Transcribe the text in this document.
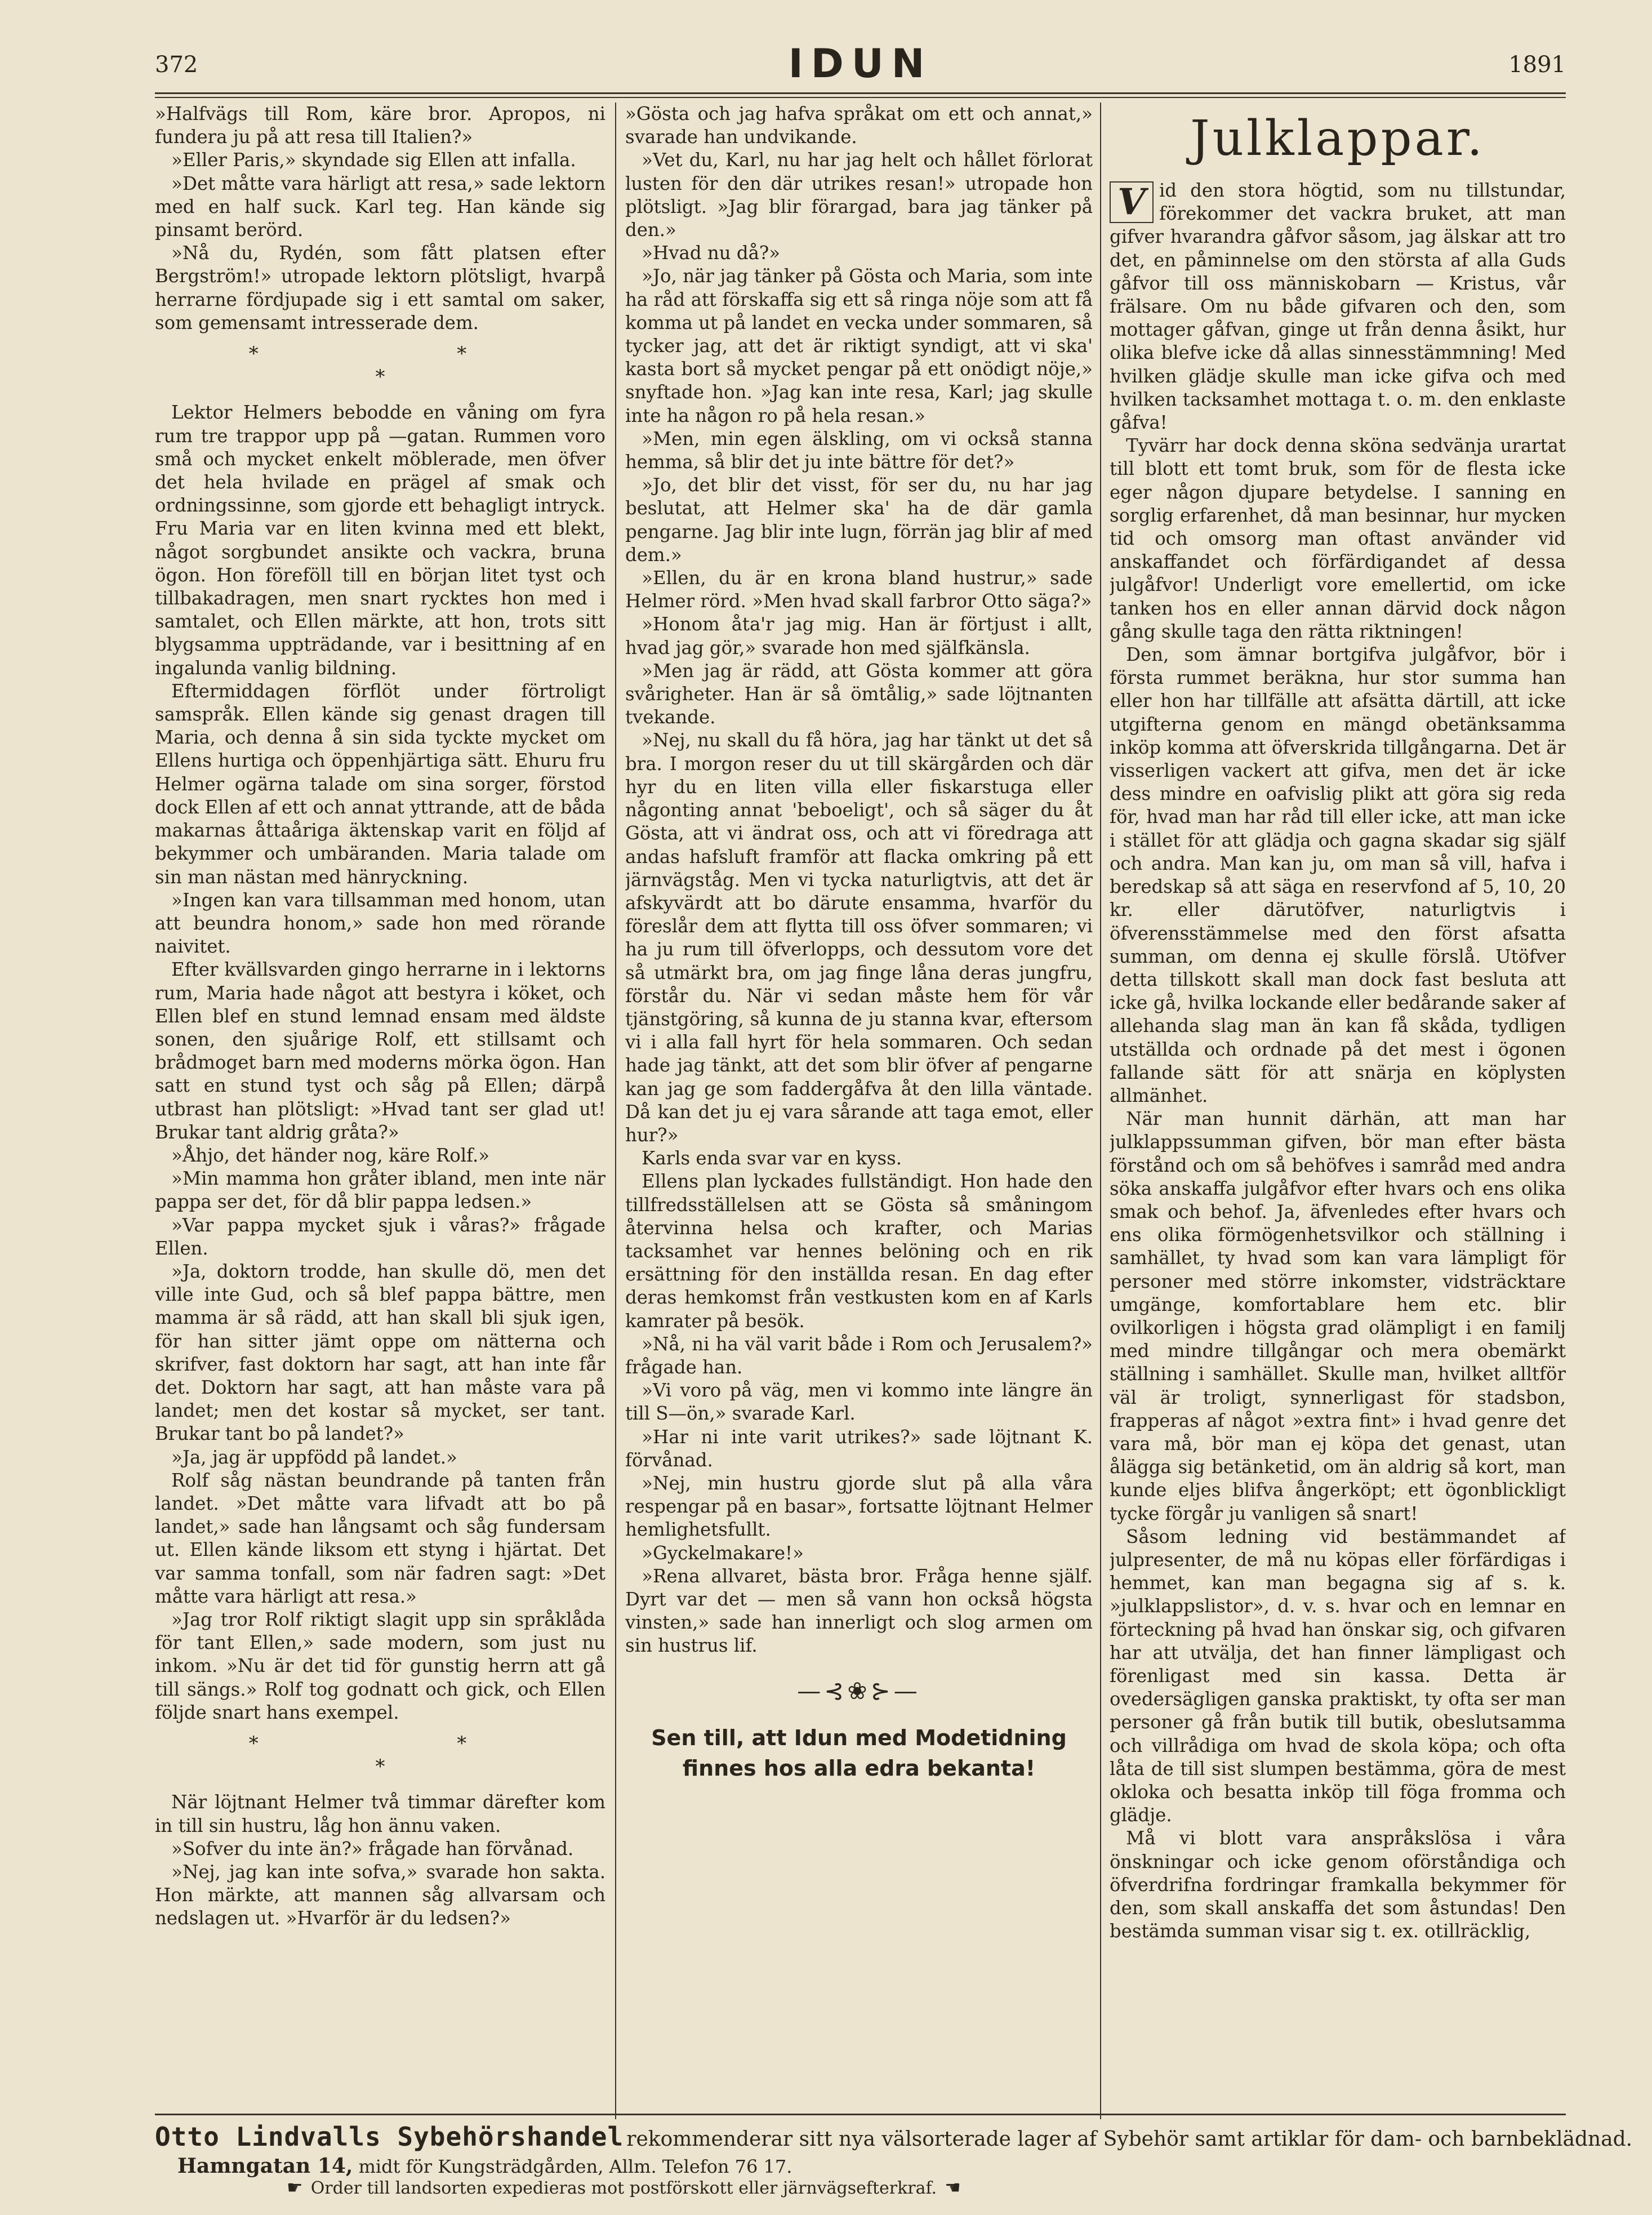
372	IDUN	1891

»Halfvägs till Rom, käre bror. Apropos, ni fundera ju på att resa till Italien?»

»Eller Paris,» skyndade sig Ellen att infalla.

»Det måtte vara härligt att resa,» sade lektorn med en half suck. Karl teg. Han kände sig pinsamt berörd.

»Nå du, Rydén, som fått platsen efter Bergström!» utropade lektorn plötsligt, hvarpå herrarne fördjupade sig i ett samtal om saker, som gemensamt intresserade dem.

*   *
*

Lektor Helmers bebodde en våning om fyra rum tre trappor upp på —gatan. Rummen voro små och mycket enkelt möblerade, men öfver det hela hvilade en prägel af smak och ordningssinne, som gjorde ett behagligt intryck. Fru Maria var en liten kvinna med ett blekt, något sorgbundet ansikte och vackra, bruna ögon. Hon föreföll till en början litet tyst och tillbakadragen, men snart rycktes hon med i samtalet, och Ellen märkte, att hon, trots sitt blygsamma uppträdande, var i besittning af en ingalunda vanlig bildning.

Eftermiddagen förflöt under förtroligt samspråk. Ellen kände sig genast dragen till Maria, och denna å sin sida tyckte mycket om Ellens hurtiga och öppenhjärtiga sätt. Ehuru fru Helmer ogärna talade om sina sorger, förstod dock Ellen af ett och annat yttrande, att de båda makarnas åttaåriga äktenskap varit en följd af bekymmer och umbäranden. Maria talade om sin man nästan med hänryckning.

»Ingen kan vara tillsamman med honom, utan att beundra honom,» sade hon med rörande naivitet.

Efter kvällsvarden gingo herrarne in i lektorns rum, Maria hade något att bestyra i köket, och Ellen blef en stund lemnad ensam med äldste sonen, den sjuårige Rolf, ett stillsamt och brådmoget barn med moderns mörka ögon. Han satt en stund tyst och såg på Ellen; därpå utbrast han plötsligt: »Hvad tant ser glad ut! Brukar tant aldrig gråta?»

»Åhjo, det händer nog, käre Rolf.»

»Min mamma hon gråter ibland, men inte när pappa ser det, för då blir pappa ledsen.»

»Var pappa mycket sjuk i våras?» frågade Ellen.

»Ja, doktorn trodde, han skulle dö, men det ville inte Gud, och så blef pappa bättre, men mamma är så rädd, att han skall bli sjuk igen, för han sitter jämt oppe om nätterna och skrifver, fast doktorn har sagt, att han inte får det. Doktorn har sagt, att han måste vara på landet; men det kostar så mycket, ser tant. Brukar tant bo på landet?»

»Ja, jag är uppfödd på landet.»

Rolf såg nästan beundrande på tanten från landet. »Det måtte vara lifvadt att bo på landet,» sade han långsamt och såg fundersam ut. Ellen kände liksom ett styng i hjärtat. Det var samma tonfall, som när fadren sagt: »Det måtte vara härligt att resa.»

»Jag tror Rolf riktigt slagit upp sin språklåda för tant Ellen,» sade modern, som just nu inkom. »Nu är det tid för gunstig herrn att gå till sängs.» Rolf tog godnatt och gick, och Ellen följde snart hans exempel.

*   *
*

När löjtnant Helmer två timmar därefter kom in till sin hustru, låg hon ännu vaken.

»Sofver du inte än?» frågade han förvånad.

»Nej, jag kan inte sofva,» svarade hon sakta. Hon märkte, att mannen såg allvarsam och nedslagen ut. »Hvarför är du ledsen?»

»Gösta och jag hafva språkat om ett och annat,» svarade han undvikande.

»Vet du, Karl, nu har jag helt och hållet förlorat lusten för den där utrikes resan!» utropade hon plötsligt. »Jag blir förargad, bara jag tänker på den.»

»Hvad nu då?»

»Jo, när jag tänker på Gösta och Maria, som inte ha råd att förskaffa sig ett så ringa nöje som att få komma ut på landet en vecka under sommaren, så tycker jag, att det är riktigt syndigt, att vi ska' kasta bort så mycket pengar på ett onödigt nöje,» snyftade hon. »Jag kan inte resa, Karl; jag skulle inte ha någon ro på hela resan.»

»Men, min egen älskling, om vi också stanna hemma, så blir det ju inte bättre för det?»

»Jo, det blir det visst, för ser du, nu har jag beslutat, att Helmer ska' ha de där gamla pengarne. Jag blir inte lugn, förrän jag blir af med dem.»

»Ellen, du är en krona bland hustrur,» sade Helmer rörd. »Men hvad skall farbror Otto säga?»

»Honom åta'r jag mig. Han är förtjust i allt, hvad jag gör,» svarade hon med själfkänsla.

»Men jag är rädd, att Gösta kommer att göra svårigheter. Han är så ömtålig,» sade löjtnanten tvekande.

»Nej, nu skall du få höra, jag har tänkt ut det så bra. I morgon reser du ut till skärgården och där hyr du en liten villa eller fiskarstuga eller någonting annat 'beboeligt', och så säger du åt Gösta, att vi ändrat oss, och att vi föredraga att andas hafsluft framför att flacka omkring på ett järnvägståg. Men vi tycka naturligtvis, att det är afskyvärdt att bo därute ensamma, hvarför du föreslår dem att flytta till oss öfver sommaren; vi ha ju rum till öfverlopps, och dessutom vore det så utmärkt bra, om jag finge låna deras jungfru, förstår du. När vi sedan måste hem för vår tjänstgöring, så kunna de ju stanna kvar, eftersom vi i alla fall hyrt för hela sommaren. Och sedan hade jag tänkt, att det som blir öfver af pengarne kan jag ge som faddergåfva åt den lilla väntade. Då kan det ju ej vara sårande att taga emot, eller hur?»

Karls enda svar var en kyss.

Ellens plan lyckades fullständigt. Hon hade den tillfredsställelsen att se Gösta så småningom återvinna helsa och krafter, och Marias tacksamhet var hennes belöning och en rik ersättning för den inställda resan. En dag efter deras hemkomst från vestkusten kom en af Karls kamrater på besök.

»Nå, ni ha väl varit både i Rom och Jerusalem?» frågade han.

»Vi voro på väg, men vi kommo inte längre än till S—ön,» svarade Karl.

»Har ni inte varit utrikes?» sade löjtnant K. förvånad.

»Nej, min hustru gjorde slut på alla våra respengar på en basar», fortsatte löjtnant Helmer hemlighetsfullt.

»Gyckelmakare!»

»Rena allvaret, bästa bror. Fråga henne själf. Dyrt var det — men så vann hon också högsta vinsten,» sade han innerligt och slog armen om sin hustrus lif.

—⊰❀⊱—
Sen till, att Idun med Modetidning
finnes hos alla edra bekanta!
Julklappar.

V id den stora högtid, som nu tillstundar, förekommer det vackra bruket, att man gifver hvarandra gåfvor såsom, jag älskar att tro det, en påminnelse om den största af alla Guds gåfvor till oss människobarn — Kristus, vår frälsare. Om nu både gifvaren och den, som mottager gåfvan, ginge ut från denna åsikt, hur olika blefve icke då allas sinnesstämmning! Med hvilken glädje skulle man icke gifva och med hvilken tacksamhet mottaga t. o. m. den enklaste gåfva!

Tyvärr har dock denna sköna sedvänja urartat till blott ett tomt bruk, som för de flesta icke eger någon djupare betydelse. I sanning en sorglig erfarenhet, då man besinnar, hur mycken tid och omsorg man oftast använder vid anskaffandet och förfärdigandet af dessa julgåfvor! Underligt vore emellertid, om icke tanken hos en eller annan därvid dock någon gång skulle taga den rätta riktningen!

Den, som ämnar bortgifva julgåfvor, bör i första rummet beräkna, hur stor summa han eller hon har tillfälle att afsätta därtill, att icke utgifterna genom en mängd obetänksamma inköp komma att öfverskrida tillgångarna. Det är visserligen vackert att gifva, men det är icke dess mindre en oafvislig plikt att göra sig reda för, hvad man har råd till eller icke, att man icke i stället för att glädja och gagna skadar sig själf och andra. Man kan ju, om man så vill, hafva i beredskap så att säga en reservfond af 5, 10, 20 kr. eller därutöfver, naturligtvis i öfverensstämmelse med den först afsatta summan, om denna ej skulle förslå. Utöfver detta tillskott skall man dock fast besluta att icke gå, hvilka lockande eller bedårande saker af allehanda slag man än kan få skåda, tydligen utställda och ordnade på det mest i ögonen fallande sätt för att snärja en köplysten allmänhet.

När man hunnit därhän, att man har julklappssumman gifven, bör man efter bästa förstånd och om så behöfves i samråd med andra söka anskaffa julgåfvor efter hvars och ens olika smak och behof. Ja, äfvenledes efter hvars och ens olika förmögenhetsvilkor och ställning i samhället, ty hvad som kan vara lämpligt för personer med större inkomster, vidsträcktare umgänge, komfortablare hem etc. blir ovilkorligen i högsta grad olämpligt i en familj med mindre tillgångar och mera obemärkt ställning i samhället. Skulle man, hvilket alltför väl är troligt, synnerligast för stadsbon, frapperas af något »extra fint» i hvad genre det vara må, bör man ej köpa det genast, utan ålägga sig betänketid, om än aldrig så kort, man kunde eljes blifva ångerköpt; ett ögonblickligt tycke förgår ju vanligen så snart!

Såsom ledning vid bestämmandet af julpresenter, de må nu köpas eller förfärdigas i hemmet, kan man begagna sig af s. k. »julklappslistor», d. v. s. hvar och en lemnar en förteckning på hvad han önskar sig, och gifvaren har att utvälja, det han finner lämpligast och förenligast med sin kassa. Detta är ovedersägligen ganska praktiskt, ty ofta ser man personer gå från butik till butik, obeslutsamma och villrådiga om hvad de skola köpa; och ofta låta de till sist slumpen bestämma, göra de mest okloka och besatta inköp till föga fromma och glädje.

Må vi blott vara anspråkslösa i våra önskningar och icke genom oförståndiga och öfverdrifna fordringar framkalla bekymmer för den, som skall anskaffa det som åstundas! Den bestämda summan visar sig t. ex. otillräcklig,

Otto Lindvalls Sybehörshandel rekommenderar sitt nya välsorterade lager af Sybehör samt artiklar för dam- och barnbeklädnad.
Hamngatan 14, midt för Kungsträdgården, Allm. Telefon 76 17.
☛ Order till landsorten expedieras mot postförskott eller järnvägsefterkraf. ☚
